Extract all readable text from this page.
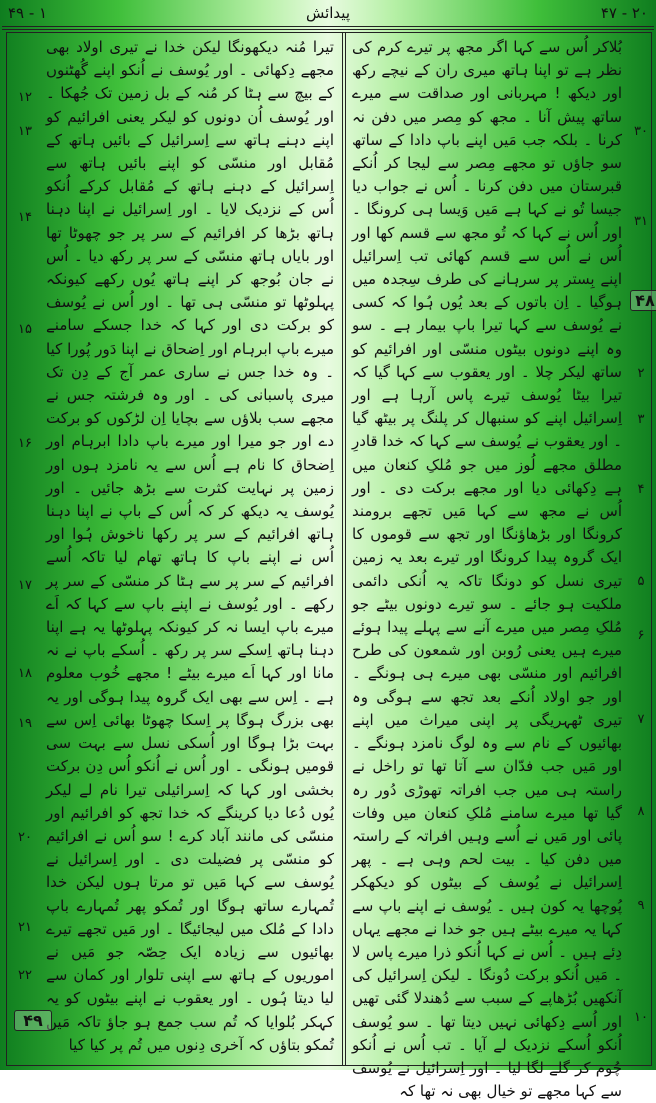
۴۹ - ۱	پیدائش	۴۷ - ۲۰
بُلاکر اُس سے کہا اگر مجھ پر تیرے کرم کی نظر ہے تو اپنا ہاتھ میری ران کے نیچے رکھ اور دیکھ ! مہربانی اور صداقت سے میرے ساتھ پیش آنا ۔ مجھ کو مِصر میں دفن نہ کرنا ۔ بلکہ جب مَیں اپنے باپ دادا کے ساتھ سو جاؤں تو مجھے مِصر سے لیجا کر اُنکے قبرستان میں دفن کرنا ۔ اُس نے جواب دیا جیسا تُو نے کہا ہے مَیں وَیسا ہی کرونگا ۔ اور اُس نے کہا کہ تُو مجھ سے قسم کھا اور اُس نے اُس سے قسم کھائی تب اِسرائیل اپنے بِستر پر سرہانے کی طرف سِجدہ میں ہوگیا ۔ اِن باتوں کے بعد یُوں ہُوا کہ کسی نے یُوسف سے کہا تیرا باپ بیمار ہے ۔ سو وہ اپنے دونوں بیٹوں منسّی اور افرائیم کو ساتھ لیکر چلا ۔ اور یعقوب سے کہا گیا کہ تیرا بیٹا یُوسف تیرے پاس آرہا ہے اور اِسرائیل اپنے کو سنبھال کر پلنگ پر بیٹھ گیا ۔ اور یعقوب نے یُوسف سے کہا کہ خدا قادرِ مطلق مجھے لُوز میں جو مُلکِ کنعان میں ہے دِکھائی دیا اور مجھے برکت دی ۔ اور اُس نے مجھ سے کہا مَیں تجھے برومند کرونگا اور بڑھاؤنگا اور تجھ سے قوموں کا ایک گروہ پیدا کرونگا اور تیرے بعد یہ زمین تیری نسل کو دونگا تاکہ یہ اُنکی دائمی ملکیت ہو جائے ۔ سو تیرے دونوں بیٹے جو مُلکِ مِصر میں میرے آنے سے پہلے پیدا ہوئے میرے ہیں یعنی رُوبن اور شمعون کی طرح افرائیم اور منسّی بھی میرے ہی ہونگے ۔ اور جو اولاد اُنکے بعد تجھ سے ہوگی وہ تیری ٹھہریگی پر اپنی میراث میں اپنے بھائیوں کے نام سے وہ لوگ نامزد ہونگے ۔ اور مَیں جب فدّان سے آتا تھا تو راخل نے راستہ ہی میں جب افراتہ تھوڑی دُور رہ گیا تھا میرے سامنے مُلکِ کنعان میں وفات پائی اور مَیں نے اُسے وہیں افراتہ کے راستہ میں دفن کیا ۔ بیت لحم وہی ہے ۔ پھر اِسرائیل نے یُوسف کے بیٹوں کو دیکھکر پُوچھا یہ کون ہیں ۔ یُوسف نے اپنے باپ سے کہا یہ میرے بیٹے ہیں جو خدا نے مجھے یہاں دِئے ہیں ۔ اُس نے کہا اُنکو ذرا میرے پاس لا ۔ مَیں اُنکو برکت دُونگا ۔ لیکن اِسرائیل کی آنکھیں بُڑھاپے کے سبب سے دُھندلا گئی تھیں اور اُسے دِکھائی نہیں دیتا تھا ۔ سو یُوسف اُنکو اُسکے نزدیک لے آیا ۔ تب اُس نے اُنکو چُوم کر گلے لگا لیا ۔ اور اِسرائیل نے یُوسف سے کہا مجھے تو خیال بھی نہ تھا کہ
تیرا مُنہ دیکھونگا لیکن خدا نے تیری اولاد بھی مجھے دِکھائی ۔ اور یُوسف نے اُنکو اپنے گُھٹنوں کے بیچ سے ہٹا کر مُنہ کے بل زمین تک جُھکا ۔ اور یُوسف اُن دونوں کو لیکر یعنی افرائیم کو اپنے دہنے ہاتھ سے اِسرائیل کے بائیں ہاتھ کے مُقابل اور منسّی کو اپنے بائیں ہاتھ سے اِسرائیل کے دہنے ہاتھ کے مُقابل کرکے اُنکو اُس کے نزدیک لایا ۔ اور اِسرائیل نے اپنا دہنا ہاتھ بڑھا کر افرائیم کے سر پر جو چھوٹا تھا اور بایاں ہاتھ منسّی کے سر پر رکھ دیا ۔ اُس نے جان بُوجھ کر اپنے ہاتھ یُوں رکھے کیونکہ پہلوٹھا تو منسّی ہی تھا ۔ اور اُس نے یُوسف کو برکت دی اور کہا کہ خدا جسکے سامنے میرے باپ ابرہام اور اِضحاق نے اپنا دَور پُورا کیا ۔ وہ خدا جس نے ساری عمر آج کے دِن تک میری پاسبانی کی ۔ اور وہ فرشتہ جس نے مجھے سب بلاؤں سے بچایا اِن لڑکوں کو برکت دے اور جو میرا اور میرے باپ دادا ابرہام اور اِضحاق کا نام ہے اُس سے یہ نامزد ہوں اور زمین پر نہایت کثرت سے بڑھ جائیں ۔ اور یُوسف یہ دیکھ کر کہ اُس کے باپ نے اپنا دہنا ہاتھ افرائیم کے سر پر رکھا ناخوش ہُوا اور اُس نے اپنے باپ کا ہاتھ تھام لیا تاکہ اُسے افرائیم کے سر پر سے ہٹا کر منسّی کے سر پر رکھے ۔ اور یُوسف نے اپنے باپ سے کہا کہ اَے میرے باپ ایسا نہ کر کیونکہ پہلوٹھا یہ ہے اپنا دہنا ہاتھ اِسکے سر پر رکھ ۔ اُسکے باپ نے نہ مانا اور کہا اَے میرے بیٹے ! مجھے خُوب معلوم ہے ۔ اِس سے بھی ایک گروہ پیدا ہوگی اور یہ بھی بزرگ ہوگا پر اِسکا چھوٹا بھائی اِس سے بہت بڑا ہوگا اور اُسکی نسل سے بہت سی قومیں ہونگی ۔ اور اُس نے اُنکو اُس دِن برکت بخشی اور کہا کہ اِسرائیلی تیرا نام لے لیکر یُوں دُعا دیا کرینگے کہ خدا تجھ کو افرائیم اور منسّی کی مانند آباد کرے ! سو اُس نے افرائیم کو منسّی پر فضیلت دی ۔ اور اِسرائیل نے یُوسف سے کہا مَیں تو مرتا ہوں لیکن خدا تُمہارے ساتھ ہوگا اور تُمکو پھر تُمہارے باپ دادا کے مُلک میں لیجائیگا ۔ اور مَیں تجھے تیرے بھائیوں سے زیادہ ایک حِصّہ جو مَیں نے اموریوں کے ہاتھ سے اپنی تلوار اور کمان سے لیا دیتا ہُوں ۔ اور یعقوب نے اپنے بیٹوں کو یہ کہکر بُلوایا کہ تُم سب جمع ہو جاؤ تاکہ مَیں تُمکو بتاؤں کہ آخری دِنوں میں تُم پر کیا کیا
۳۰
۳۱
۴۸
۲
۳
۴
۵
۶
۷
۸
۹
۱۰
۱۲
۱۳
۱۴
۱۵
۱۶
۱۷
۱۸
۱۹
۲۰
۲۱
۲۲
۴۹
